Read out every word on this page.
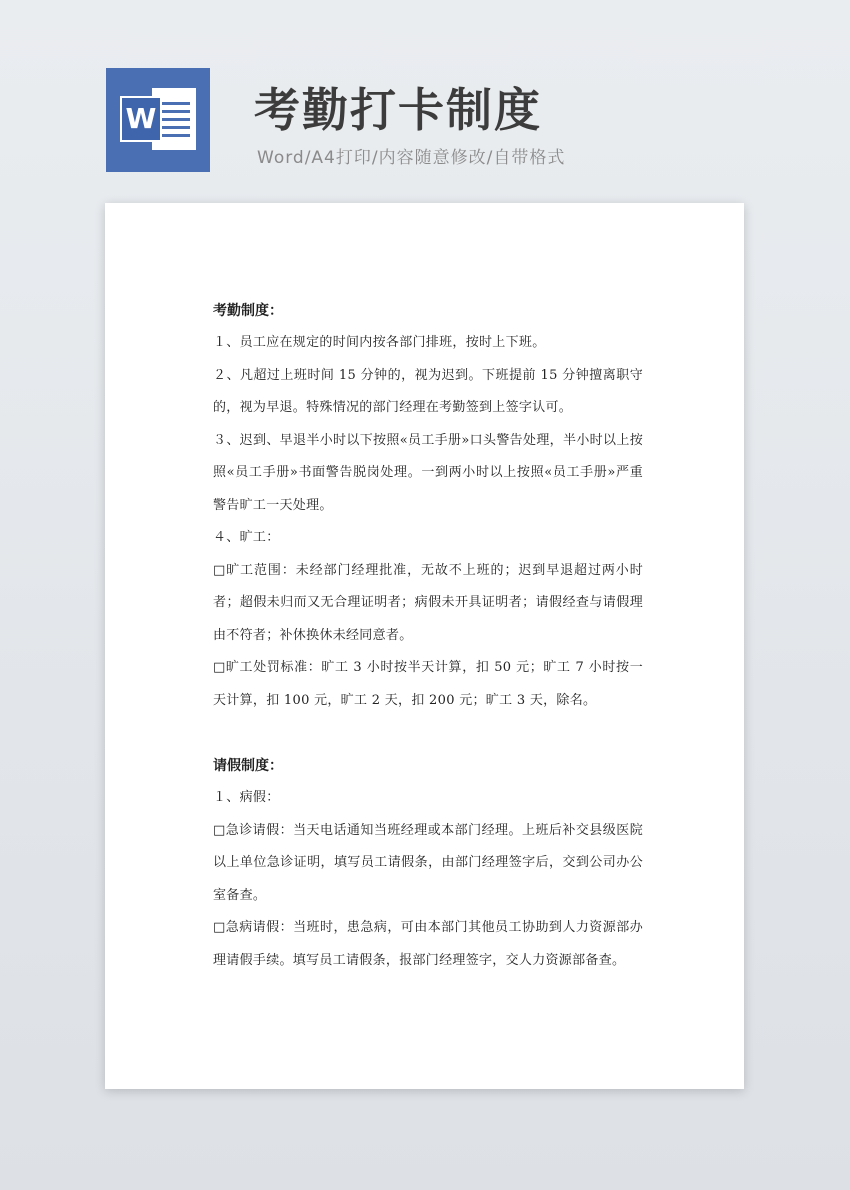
W 考勤打卡制度
Word/A4打印/内容随意修改/自带格式
考勤制度：

１、员工应在规定的时间内按各部门排班，按时上下班。

２、凡超过上班时间 15 分钟的，视为迟到。下班提前 15 分钟擅离职守的，视为早退。特殊情况的部门经理在考勤签到上签字认可。

３、迟到、早退半小时以下按照«员工手册»口头警告处理，半小时以上按照«员工手册»书面警告脱岗处理。一到两小时以上按照«员工手册»严重警告旷工一天处理。

４、旷工：

□旷工范围：未经部门经理批准，无故不上班的；迟到早退超过两小时者；超假未归而又无合理证明者；病假未开具证明者；请假经查与请假理由不符者；补休换休未经同意者。

□旷工处罚标准：旷工 3 小时按半天计算，扣 50 元；旷工 7 小时按一天计算，扣 100 元，旷工 2 天，扣 200 元；旷工 3 天，除名。

请假制度：

１、病假：

□急诊请假：当天电话通知当班经理或本部门经理。上班后补交县级医院以上单位急诊证明，填写员工请假条，由部门经理签字后，交到公司办公室备查。

□急病请假：当班时，患急病，可由本部门其他员工协助到人力资源部办理请假手续。填写员工请假条，报部门经理签字，交人力资源部备查。
